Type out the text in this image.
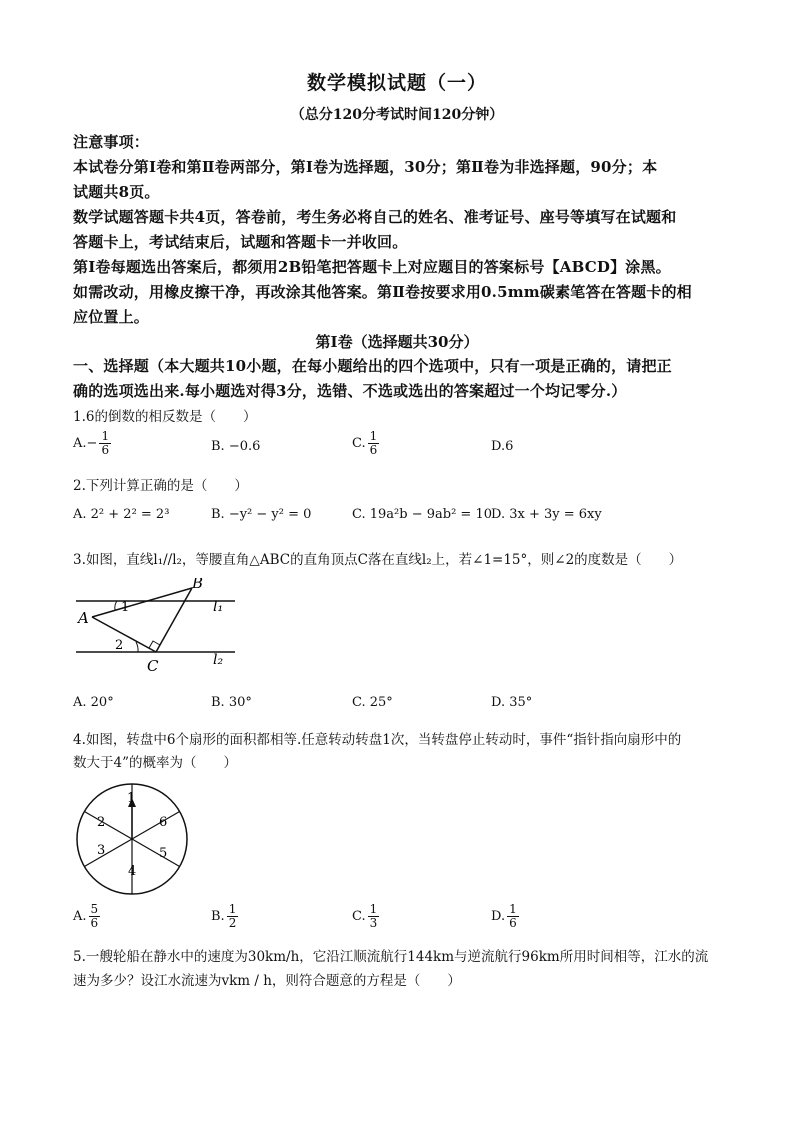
数学模拟试题（一）
（总分120分考试时间120分钟）
注意事项：
本试卷分第Ⅰ卷和第Ⅱ卷两部分，第Ⅰ卷为选择题，30分；第Ⅱ卷为非选择题，90分；本
试题共8页。
数学试题答题卡共4页，答卷前，考生务必将自己的姓名、准考证号、座号等填写在试题和
答题卡上，考试结束后，试题和答题卡一并收回。
第Ⅰ卷每题选出答案后，都须用2B铅笔把答题卡上对应题目的答案标号【ABCD】涂黑。
如需改动，用橡皮擦干净，再改涂其他答案。第Ⅱ卷按要求用0.5mm碳素笔答在答题卡的相
应位置上。
第Ⅰ卷（选择题共30分）
一、选择题（本大题共10小题，在每小题给出的四个选项中，只有一项是正确的，请把正
确的选项选出来.每小题选对得3分，选错、不选或选出的答案超过一个均记零分.）
1.6的倒数的相反数是（　　）
$A.- \frac{1}{6}$	B. −0.6	C. $\frac{1}{6}$	D.6
2.下列计算正确的是（　　）
A. 2² + 2² = 2³	B. −y² − y² = 0	C. 19a²b − 9ab² = 10 D. 3x + 3y = 6xy
3.如图，直线l₁//l₂，等腰直角△ABC的直角顶点C落在直线l₂上，若∠1=15°，则∠2的度数是（　　）
A
B
C
1
2
l₁
l₂
A. 20°	B. 30°	C. 25°	D. 35°
4.如图，转盘中6个扇形的面积都相等.任意转动转盘1次，当转盘停止转动时，事件“指针指向扇形中的
数大于4”的概率为（　　）
1
6
5
4
3
2
A. $\frac{5}{6}$	B. $\frac{1}{2}$	C. $\frac{1}{3}$	D. $\frac{1}{6}$
5.一艘轮船在静水中的速度为30km/h，它沿江顺流航行144km与逆流航行96km所用时间相等，江水的流
速为多少？设江水流速为vkm / h，则符合题意的方程是（　　）
